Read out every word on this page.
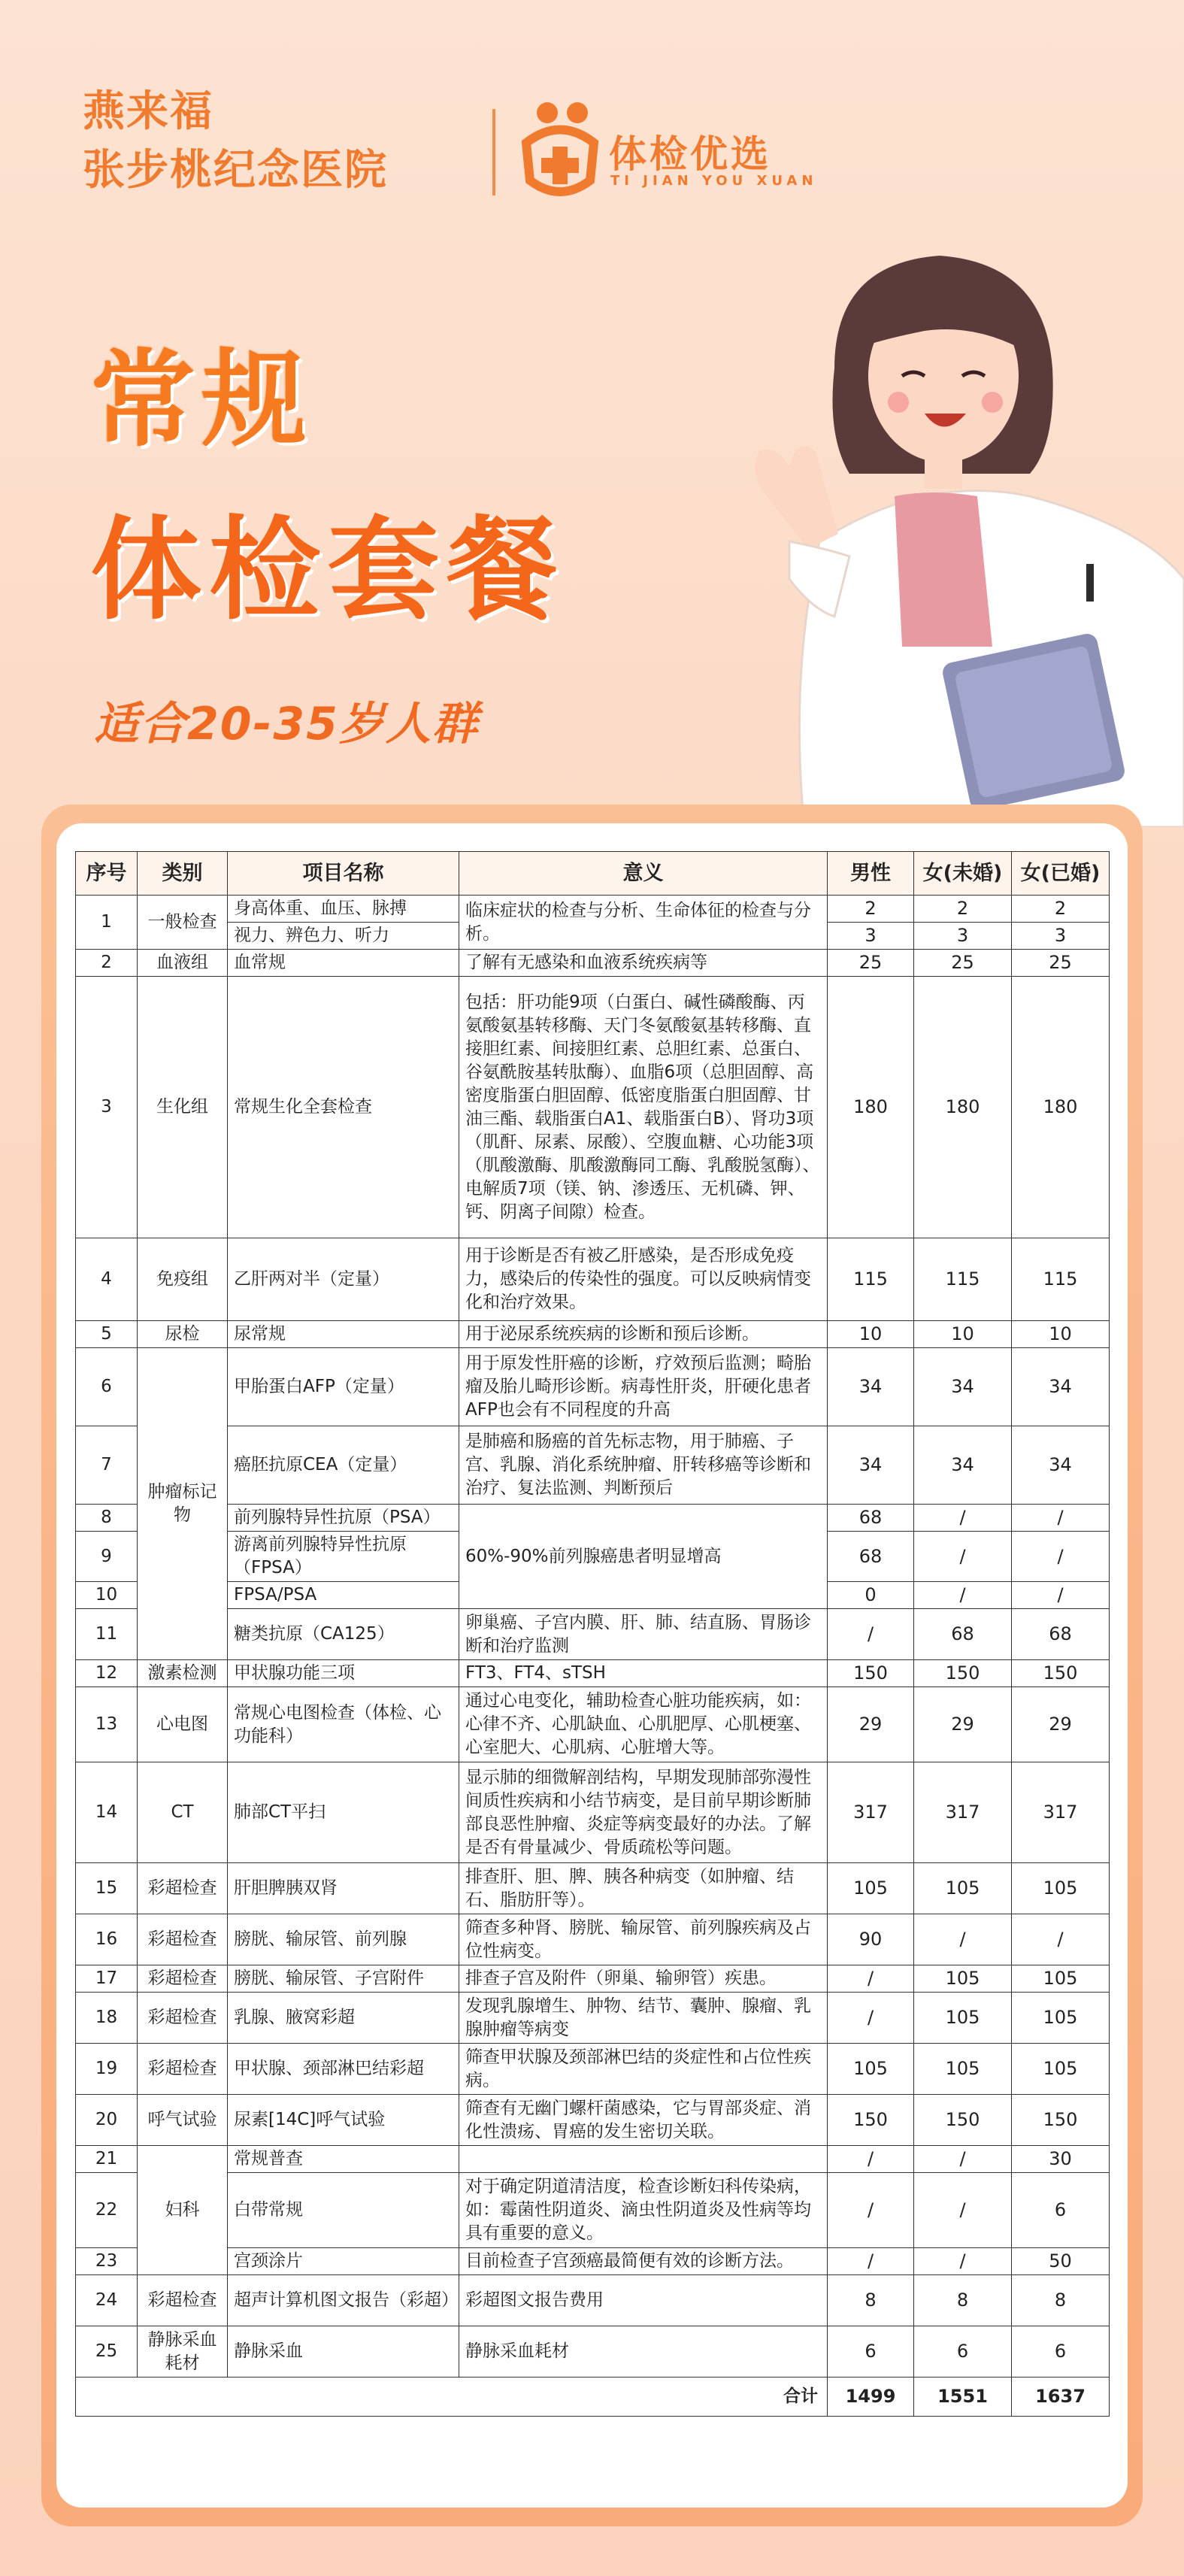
燕来福
张步桃纪念医院	体检优选
TI JIAN YOU XUAN
常规
体检套餐
适合20-35岁人群
序号	类别	项目名称	意义	男性	女(未婚)	女(已婚)
1	一般检查	身高体重、血压、脉搏	临床症状的检查与分析、生命体征的检查与分析。	2	2	2
		视力、辨色力、听力		3	3	3
2	血液组	血常规	了解有无感染和血液系统疾病等	25	25	25
3	生化组	常规生化全套检查	包括：肝功能9项（白蛋白、碱性磷酸酶、丙氨酸氨基转移酶、天门冬氨酸氨基转移酶、直接胆红素、间接胆红素、总胆红素、总蛋白、谷氨酰胺基转肽酶）、血脂6项（总胆固醇、高密度脂蛋白胆固醇、低密度脂蛋白胆固醇、甘油三酯、载脂蛋白A1、载脂蛋白B）、肾功3项（肌酐、尿素、尿酸）、空腹血糖、心功能3项（肌酸激酶、肌酸激酶同工酶、乳酸脱氢酶）、电解质7项（镁、钠、渗透压、无机磷、钾、钙、阴离子间隙）检查。	180	180	180
4	免疫组	乙肝两对半（定量）	用于诊断是否有被乙肝感染，是否形成免疫力，感染后的传染性的强度。可以反映病情变化和治疗效果。	115	115	115
5	尿检	尿常规	用于泌尿系统疾病的诊断和预后诊断。	10	10	10
6	肿瘤标记物	甲胎蛋白AFP（定量）	用于原发性肝癌的诊断，疗效预后监测；畸胎瘤及胎儿畸形诊断。病毒性肝炎，肝硬化患者AFP也会有不同程度的升高	34	34	34
7		癌胚抗原CEA（定量）	是肺癌和肠癌的首先标志物，用于肺癌、子宫、乳腺、消化系统肿瘤、肝转移癌等诊断和治疗、复法监测、判断预后	34	34	34
8		前列腺特异性抗原（PSA）	60%-90%前列腺癌患者明显增高	68	/	/
9		游离前列腺特异性抗原（FPSA）		68	/	/
10		FPSA/PSA		0	/	/
11		糖类抗原（CA125）	卵巢癌、子宫内膜、肝、肺、结直肠、胃肠诊断和治疗监测	/	68	68
12	激素检测	甲状腺功能三项	FT3、FT4、sTSH	150	150	150
13	心电图	常规心电图检查（体检、心功能科）	通过心电变化，辅助检查心脏功能疾病，如：心律不齐、心肌缺血、心肌肥厚、心肌梗塞、心室肥大、心肌病、心脏增大等。	29	29	29
14	CT	肺部CT平扫	显示肺的细微解剖结构，早期发现肺部弥漫性间质性疾病和小结节病变，是目前早期诊断肺部良恶性肿瘤、炎症等病变最好的办法。了解是否有骨量减少、骨质疏松等问题。	317	317	317
15	彩超检查	肝胆脾胰双肾	排查肝、胆、脾、胰各种病变（如肿瘤、结石、脂肪肝等）。	105	105	105
16	彩超检查	膀胱、输尿管、前列腺	筛查多种肾、膀胱、输尿管、前列腺疾病及占位性病变。	90	/	/
17	彩超检查	膀胱、输尿管、子宫附件	排查子宫及附件（卵巢、输卵管）疾患。	/	105	105
18	彩超检查	乳腺、腋窝彩超	发现乳腺增生、肿物、结节、囊肿、腺瘤、乳腺肿瘤等病变	/	105	105
19	彩超检查	甲状腺、颈部淋巴结彩超	筛查甲状腺及颈部淋巴结的炎症性和占位性疾病。	105	105	105
20	呼气试验	尿素[14C]呼气试验	筛查有无幽门螺杆菌感染，它与胃部炎症、消化性溃疡、胃癌的发生密切关联。	150	150	150
21	妇科	常规普查		/	/	30
22		白带常规	对于确定阴道清洁度，检查诊断妇科传染病，如：霉菌性阴道炎、滴虫性阴道炎及性病等均具有重要的意义。	/	/	6
23		宫颈涂片	目前检查子宫颈癌最简便有效的诊断方法。	/	/	50
24	彩超检查	超声计算机图文报告（彩超）	彩超图文报告费用	8	8	8
25	静脉采血耗材	静脉采血	静脉采血耗材	6	6	6
合计				1499	1551	1637
